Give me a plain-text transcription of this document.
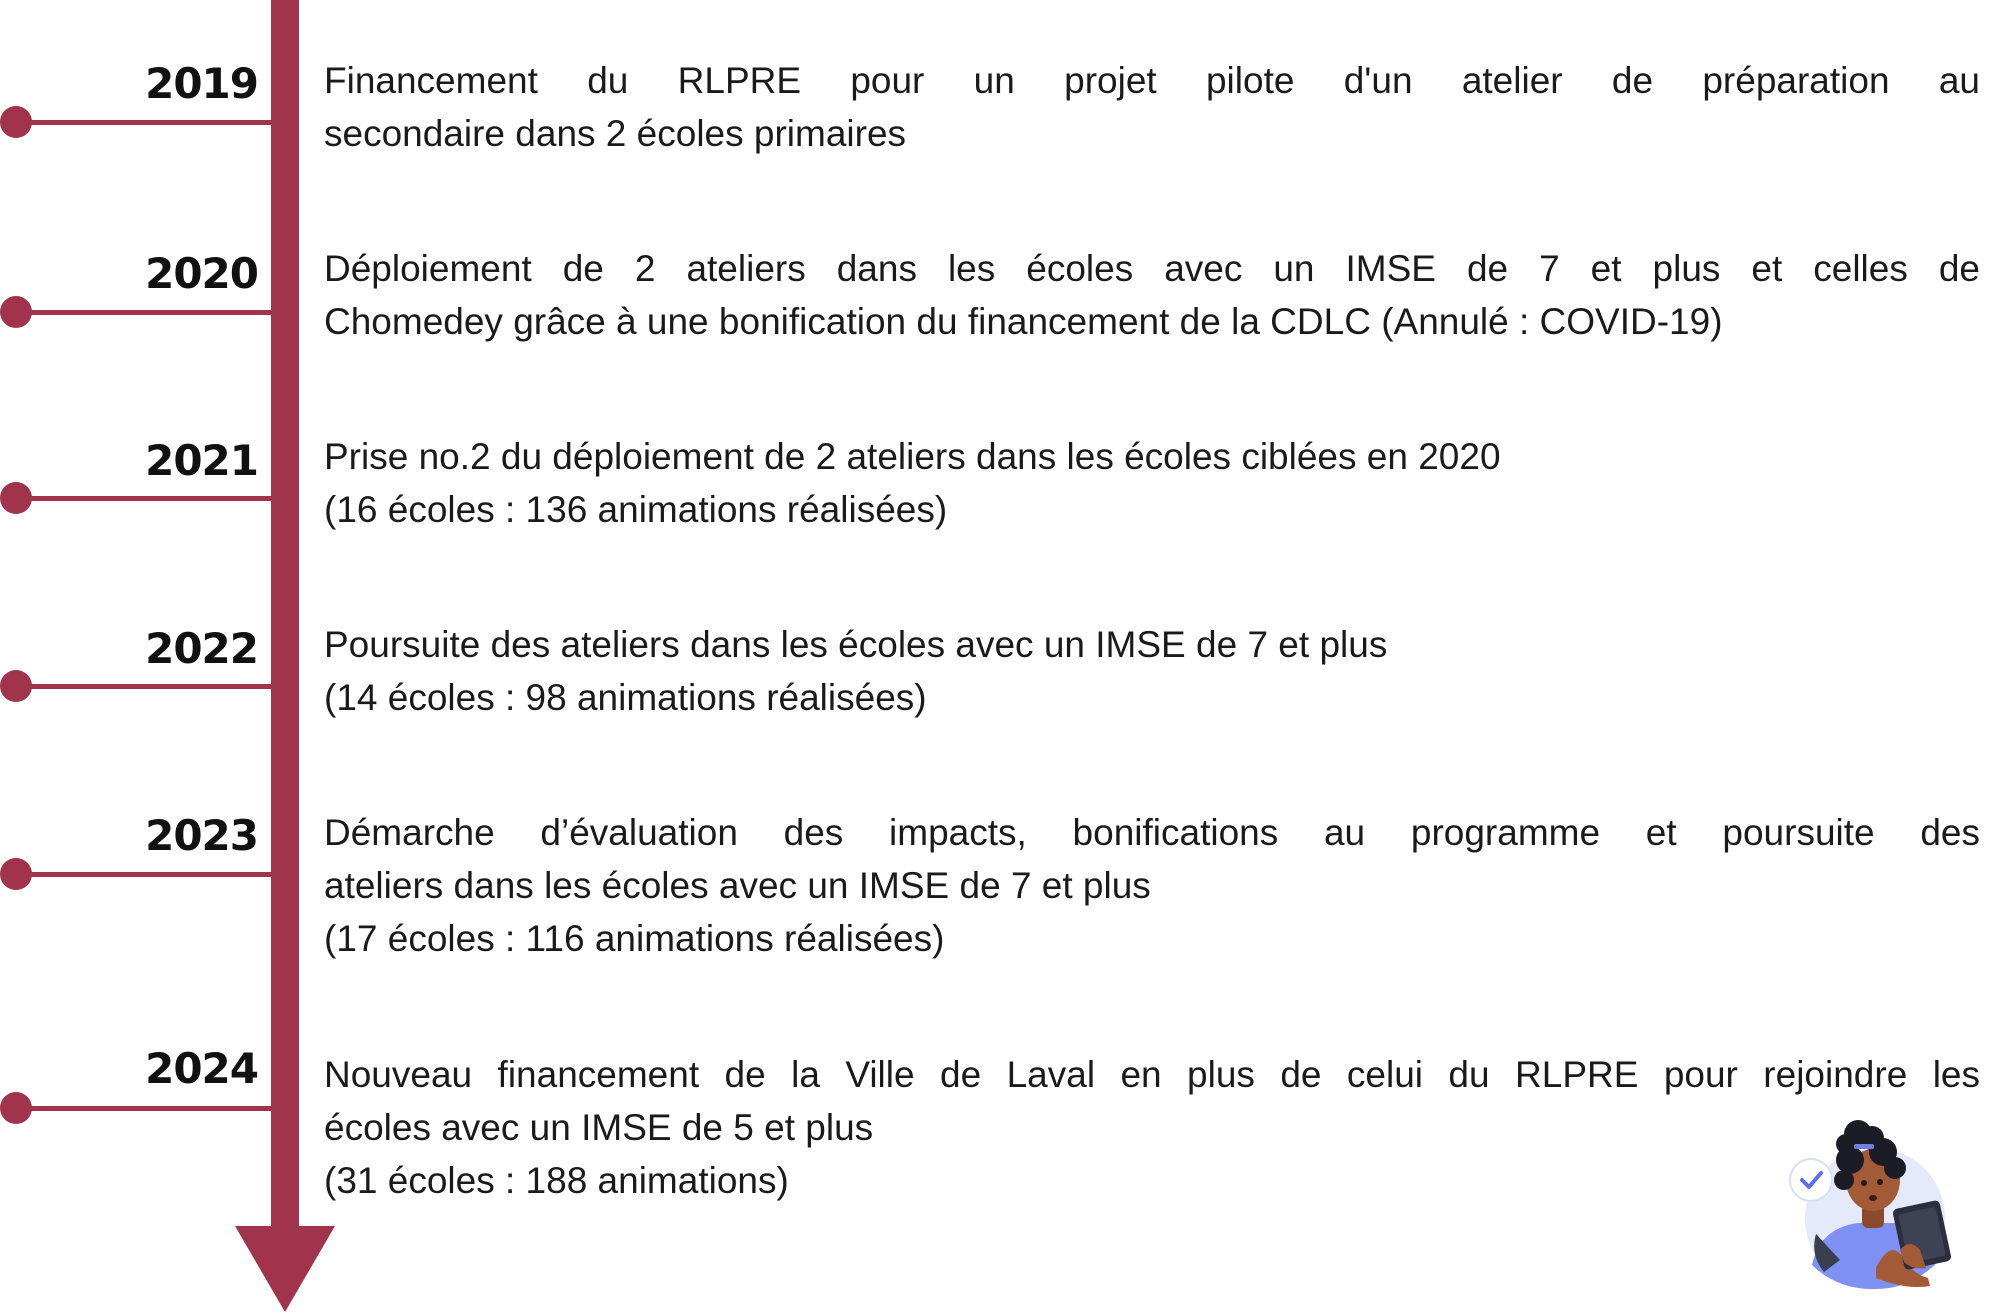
2019 Financement du RLPRE pour un projet pilote d'un atelier de préparation au
secondaire dans 2 écoles primaires
2020 Déploiement de 2 ateliers dans les écoles avec un IMSE de 7 et plus et celles de
Chomedey grâce à une bonification du financement de la CDLC (Annulé : COVID-19)
2021 Prise no.2 du déploiement de 2 ateliers dans les écoles ciblées en 2020
(16 écoles : 136 animations réalisées)
2022 Poursuite des ateliers dans les écoles avec un IMSE de 7 et plus
(14 écoles : 98 animations réalisées)
2023 Démarche d’évaluation des impacts, bonifications au programme et poursuite des
ateliers dans les écoles avec un IMSE de 7 et plus
(17 écoles : 116 animations réalisées)
2024 Nouveau financement de la Ville de Laval en plus de celui du RLPRE pour rejoindre les
écoles avec un IMSE de 5 et plus
(31 écoles : 188 animations)
